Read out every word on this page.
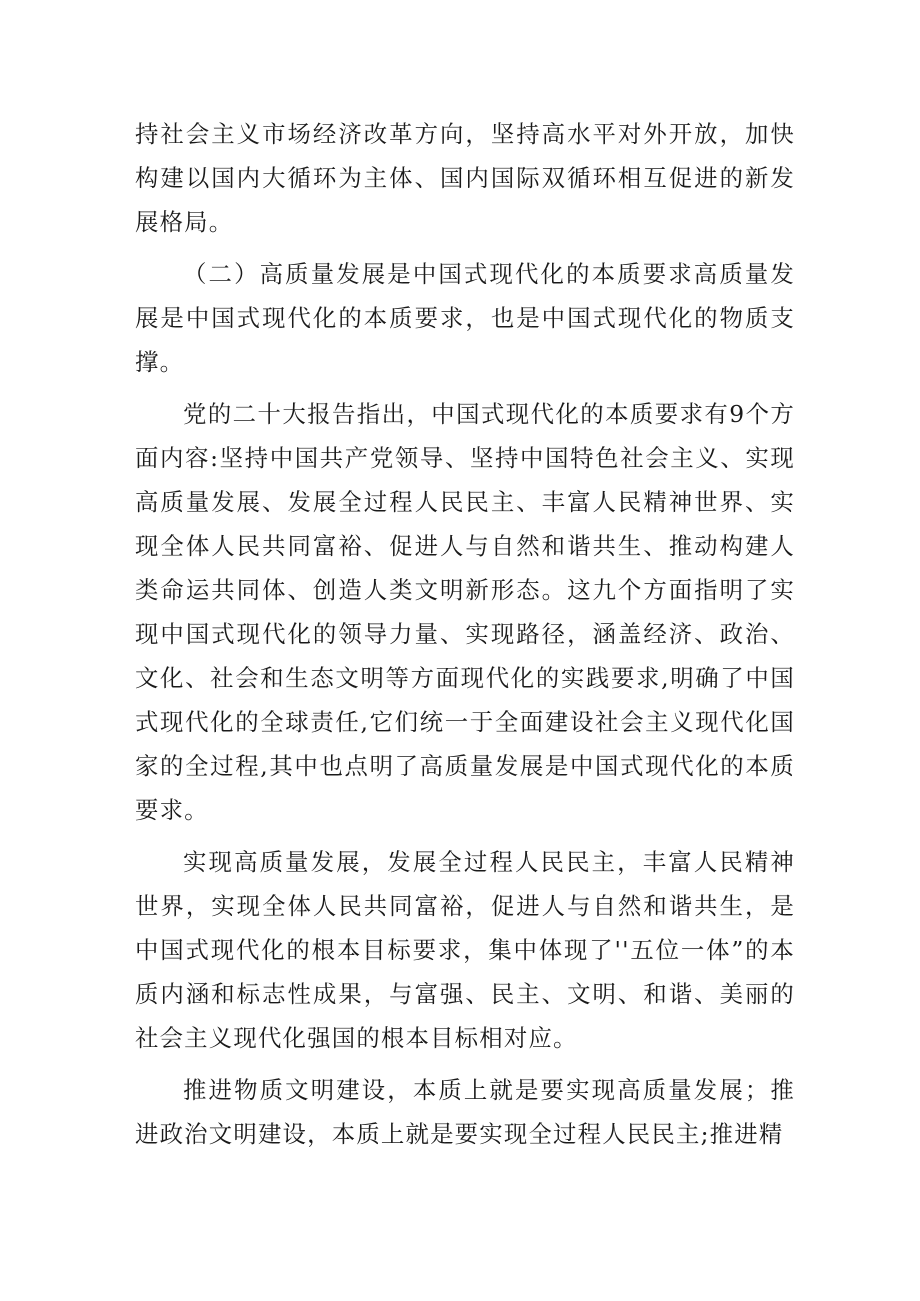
持社会主义市场经济改革方向，坚持高水平对外开放，加快构建以国内大循环为主体、国内国际双循环相互促进的新发展格局。

（二）高质量发展是中国式现代化的本质要求高质量发展是中国式现代化的本质要求，也是中国式现代化的物质支撑。

党的二十大报告指出，中国式现代化的本质要求有9个方面内容:坚持中国共产党领导、坚持中国特色社会主义、实现高质量发展、发展全过程人民民主、丰富人民精神世界、实现全体人民共同富裕、促进人与自然和谐共生、推动构建人类命运共同体、创造人类文明新形态。这九个方面指明了实现中国式现代化的领导力量、实现路径，涵盖经济、政治、文化、社会和生态文明等方面现代化的实践要求,明确了中国式现代化的全球责任,它们统一于全面建设社会主义现代化国家的全过程,其中也点明了高质量发展是中国式现代化的本质要求。

实现高质量发展，发展全过程人民民主，丰富人民精神世界，实现全体人民共同富裕，促进人与自然和谐共生，是中国式现代化的根本目标要求，集中体现了''五位一体”的本质内涵和标志性成果，与富强、民主、文明、和谐、美丽的社会主义现代化强国的根本目标相对应。

推进物质文明建设，本质上就是要实现高质量发展；推进政治文明建设，本质上就是要实现全过程人民民主;推进精
